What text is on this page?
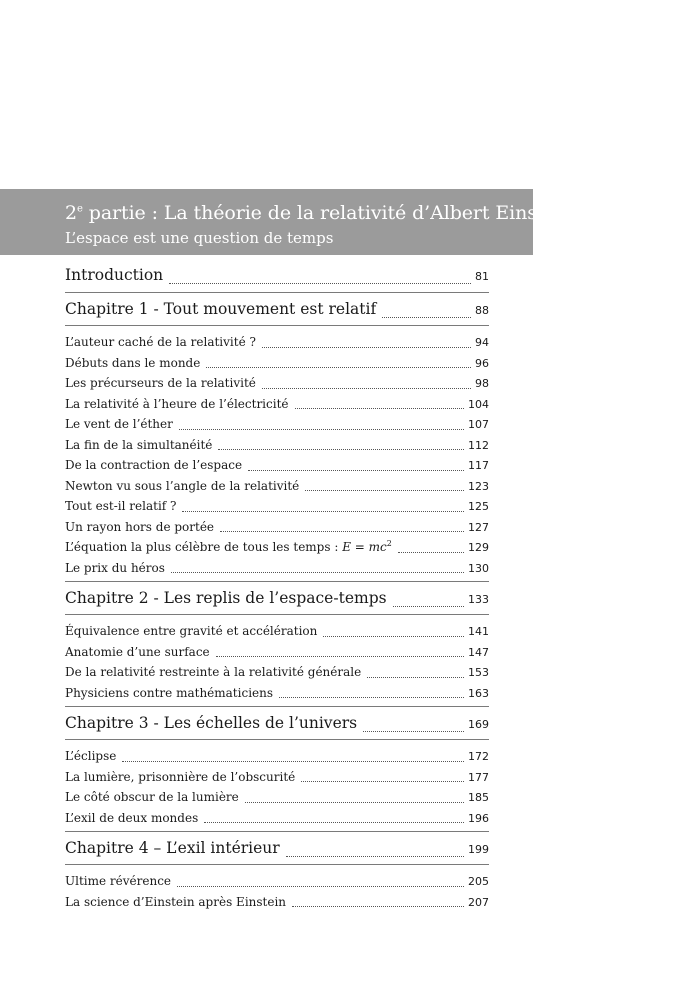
2e partie : La théorie de la relativité d’Albert Einstein
L’espace est une question de temps
Introduction	81
Chapitre 1 - Tout mouvement est relatif	88
L’auteur caché de la relativité ?	94
Débuts dans le monde	96
Les précurseurs de la relativité	98
La relativité à l’heure de l’électricité	104
Le vent de l’éther	107
La fin de la simultanéité	112
De la contraction de l’espace	117
Newton vu sous l’angle de la relativité	123
Tout est-il relatif ?	125
Un rayon hors de portée	127
L’équation la plus célèbre de tous les temps : $E = mc^2$	129
Le prix du héros	130
Chapitre 2 - Les replis de l’espace-temps	133
Équivalence entre gravité et accélération	141
Anatomie d’une surface	147
De la relativité restreinte à la relativité générale	153
Physiciens contre mathématiciens	163
Chapitre 3 - Les échelles de l’univers	169
L’éclipse	172
La lumière, prisonnière de l’obscurité	177
Le côté obscur de la lumière	185
L’exil de deux mondes	196
Chapitre 4 – L’exil intérieur	199
Ultime révérence	205
La science d’Einstein après Einstein	207
